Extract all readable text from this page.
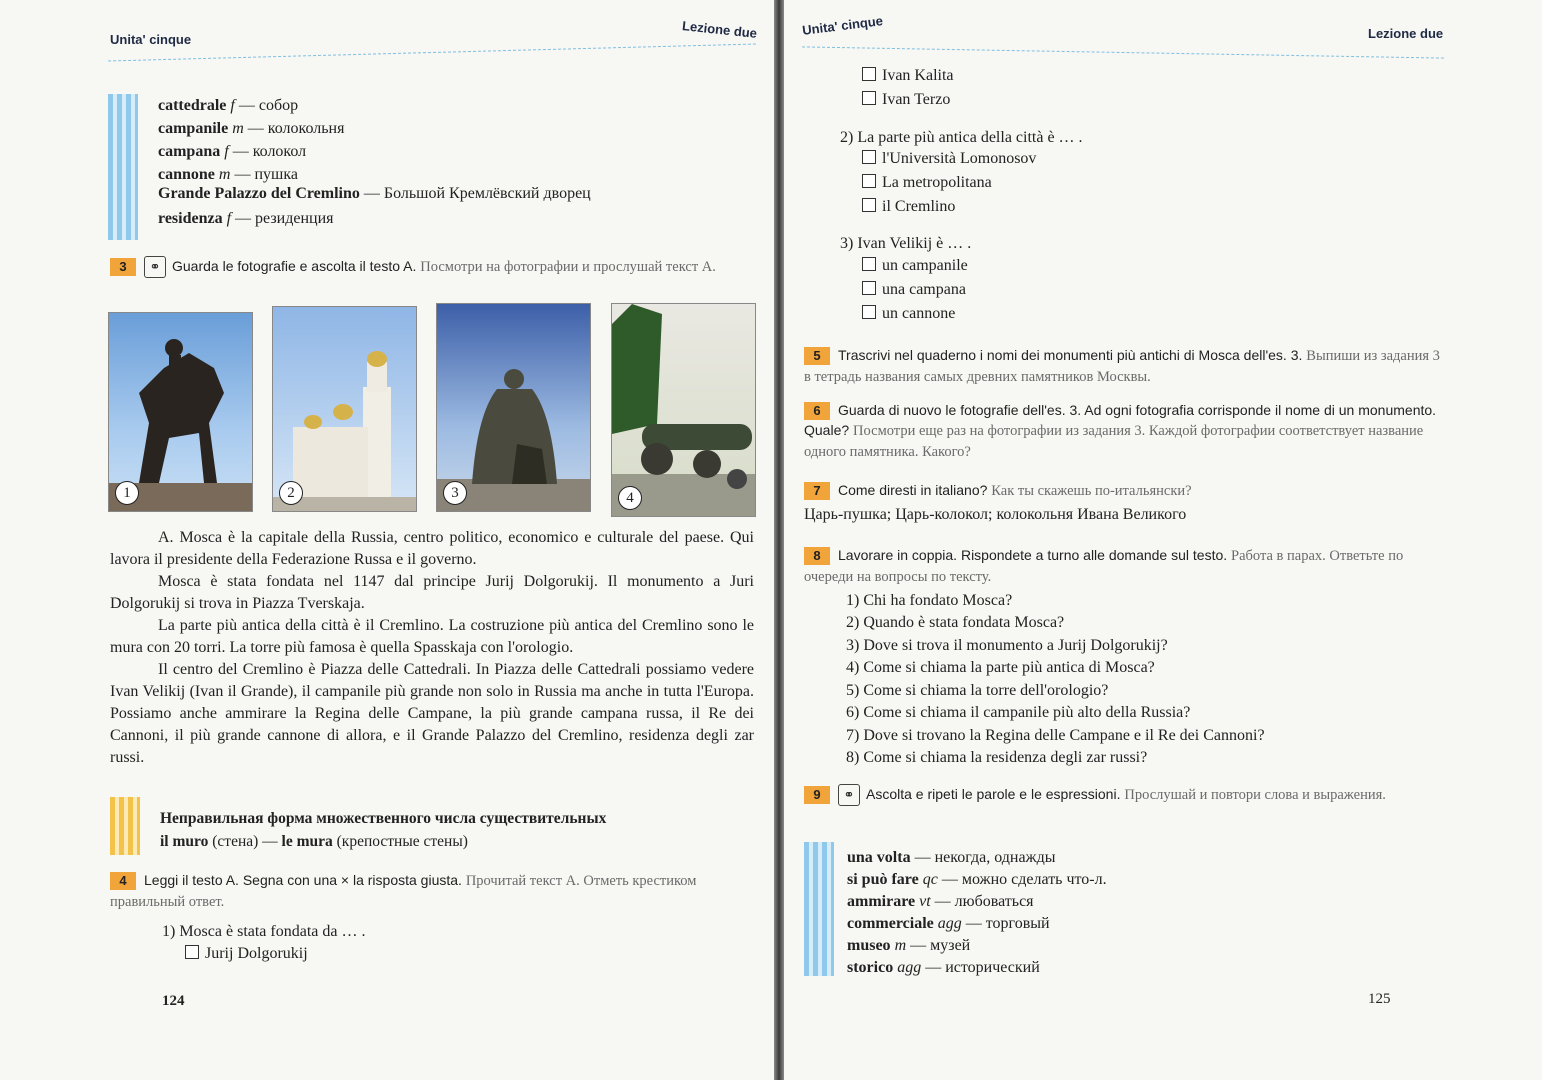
Unita' cinque	Lezione due
cattedrale f — собор
campanile m — колокольня
campana f — колокол
cannone m — пушка
Grande Palazzo del Cremlino — Большой Кремлёвский дворец
residenza f — резиденция
3 ⚭ Guarda le fotografie e ascolta il testo A. Посмотри на фотографии и прослушай текст А.
1	2	3	4

A. Mosca è la capitale della Russia, centro politico, economico e culturale del paese. Qui lavora il presidente della Federazione Russa e il governo.

Mosca è stata fondata nel 1147 dal principe Jurij Dolgorukij. Il monumento a Juri Dolgorukij si trova in Piazza Tverskaja.

La parte più antica della città è il Cremlino. La costruzione più antica del Cremlino sono le mura con 20 torri. La torre più famosa è quella Spasskaja con l'orologio.

Il centro del Cremlino è Piazza delle Cattedrali. In Piazza delle Cattedrali possiamo vedere Ivan Velikij (Ivan il Grande), il campanile più grande non solo in Russia ma anche in tutta l'Europa. Possiamo anche ammirare la Regina delle Campane, la più grande campana russa, il Re dei Cannoni, il più grande cannone di allora, e il Grande Palazzo del Cremlino, residenza degli zar russi.

Неправильная форма множественного числа существительных
il muro (стена) — le mura (крепостные стены)
4 Leggi il testo A. Segna con una × la risposta giusta. Прочитай текст А. Отметь крестиком правильный ответ.
1) Mosca è stata fondata da … .
Jurij Dolgorukij
124
Unita' cinque	Lezione due
Ivan Kalita
Ivan Terzo
2) La parte più antica della città è … .
l'Università Lomonosov
La metropolitana
il Cremlino
3) Ivan Velikij è … .
un campanile
una campana
un cannone
5 Trascrivi nel quaderno i nomi dei monumenti più antichi di Mosca dell'es. 3. Выпиши из задания 3 в тетрадь названия самых древних памятников Москвы.
6 Guarda di nuovo le fotografie dell'es. 3. Ad ogni fotografia corrisponde il nome di un monumento. Quale? Посмотри еще раз на фотографии из задания 3. Каждой фотографии соответствует название одного памятника. Какого?
7 Come diresti in italiano? Как ты скажешь по-итальянски?
Царь-пушка; Царь-колокол; колокольня Ивана Великого
8 Lavorare in coppia. Rispondete a turno alle domande sul testo. Работа в парах. Ответьте по очереди на вопросы по тексту.
1) Chi ha fondato Mosca?
2) Quando è stata fondata Mosca?
3) Dove si trova il monumento a Jurij Dolgorukij?
4) Come si chiama la parte più antica di Mosca?
5) Come si chiama la torre dell'orologio?
6) Come si chiama il campanile più alto della Russia?
7) Dove si trovano la Regina delle Campane e il Re dei Cannoni?
8) Come si chiama la residenza degli zar russi?
9 ⚭ Ascolta e ripeti le parole e le espressioni. Прослушай и повтори слова и выражения.
una volta — некогда, однажды
si può fare qc — можно сделать что-л.
ammirare vt — любоваться
commerciale agg — торговый
museo m — музей
storico agg — исторический
125
